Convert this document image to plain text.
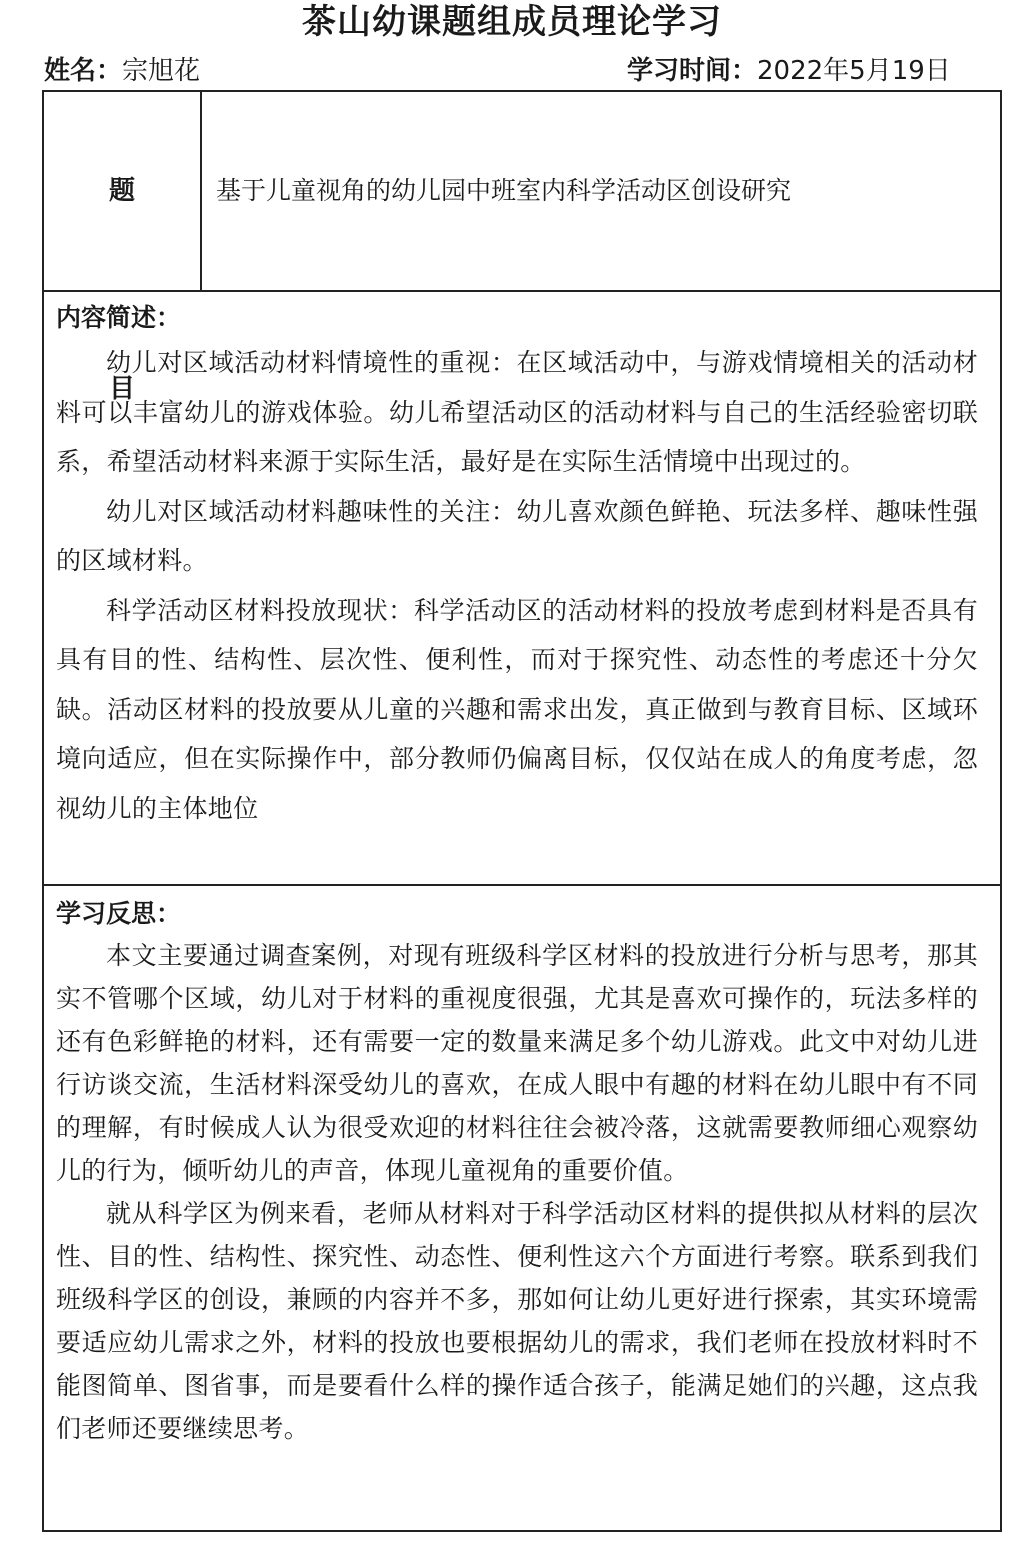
茶山幼课题组成员理论学习
姓名：宗旭花	学习时间：2022年5月19日
题目
基于儿童视角的幼儿园中班室内科学活动区创设研究

内容简述：

幼儿对区域活动材料情境性的重视：在区域活动中，与游戏情境相关的活动材料可以丰富幼儿的游戏体验。幼儿希望活动区的活动材料与自己的生活经验密切联系，希望活动材料来源于实际生活，最好是在实际生活情境中出现过的。

幼儿对区域活动材料趣味性的关注：幼儿喜欢颜色鲜艳、玩法多样、趣味性强的区域材料。

科学活动区材料投放现状：科学活动区的活动材料的投放考虑到材料是否具有具有目的性、结构性、层次性、便利性，而对于探究性、动态性的考虑还十分欠缺。活动区材料的投放要从儿童的兴趣和需求出发，真正做到与教育目标、区域环境向适应，但在实际操作中，部分教师仍偏离目标，仅仅站在成人的角度考虑，忽视幼儿的主体地位

学习反思：

本文主要通过调查案例，对现有班级科学区材料的投放进行分析与思考，那其实不管哪个区域，幼儿对于材料的重视度很强，尤其是喜欢可操作的，玩法多样的还有色彩鲜艳的材料，还有需要一定的数量来满足多个幼儿游戏。此文中对幼儿进行访谈交流，生活材料深受幼儿的喜欢，在成人眼中有趣的材料在幼儿眼中有不同的理解，有时候成人认为很受欢迎的材料往往会被冷落，这就需要教师细心观察幼儿的行为，倾听幼儿的声音，体现儿童视角的重要价值。

就从科学区为例来看，老师从材料对于科学活动区材料的提供拟从材料的层次性、目的性、结构性、探究性、动态性、便利性这六个方面进行考察。联系到我们班级科学区的创设，兼顾的内容并不多，那如何让幼儿更好进行探索，其实环境需要适应幼儿需求之外，材料的投放也要根据幼儿的需求，我们老师在投放材料时不能图简单、图省事，而是要看什么样的操作适合孩子，能满足她们的兴趣，这点我们老师还要继续思考。
